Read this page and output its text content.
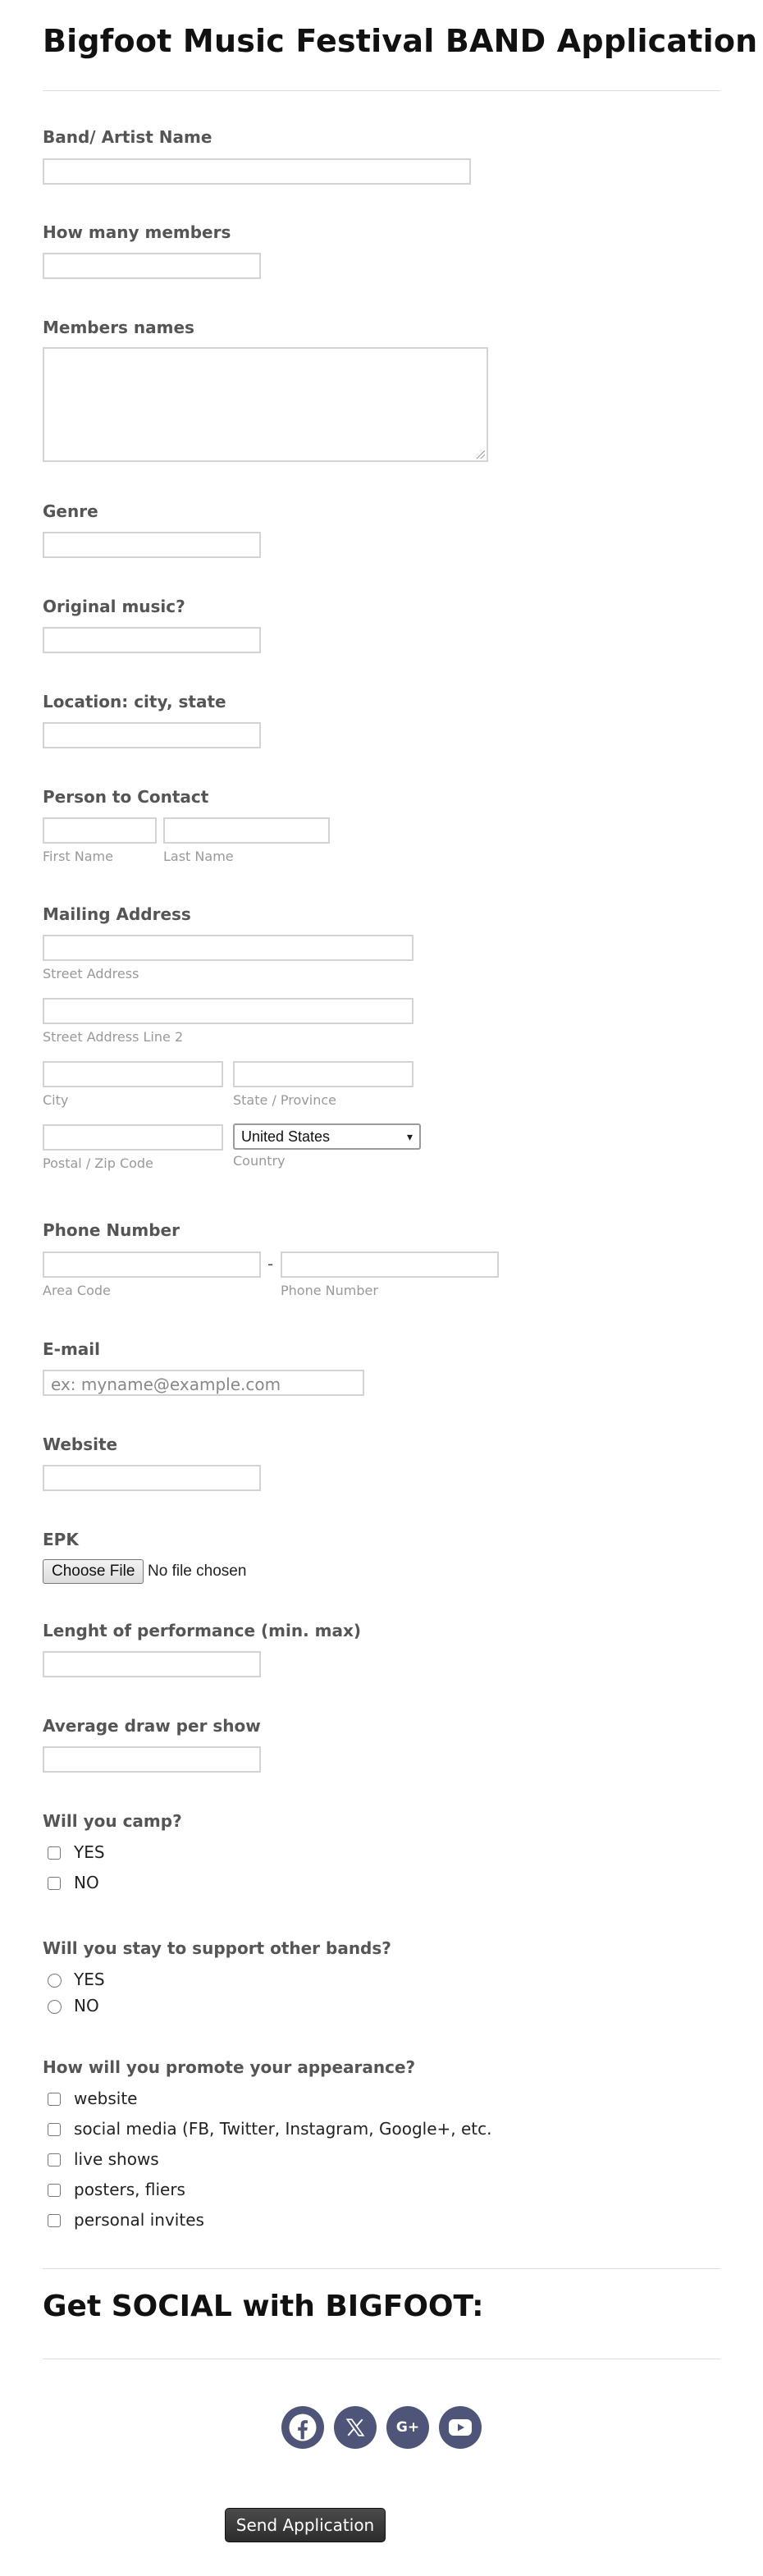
Bigfoot Music Festival BAND Application
Band/ Artist Name
How many members
Members names
Genre
Original music?
Location: city, state
Person to Contact
First Name	Last Name
Mailing Address
Street Address
Street Address Line 2
City	State / Province
United States	▾
Postal / Zip Code	Country
Phone Number
-
Area Code	Phone Number
E-mail
ex: myname@example.com
Website
EPK
Choose File No file chosen
Lenght of performance (min. max)
Average draw per show
Will you camp?
YES
NO
Will you stay to support other bands?
YES
NO
How will you promote your appearance?
website
social media (FB, Twitter, Instagram, Google+, etc.
live shows
posters, fliers
personal invites
Get SOCIAL with BIGFOOT:
G+
Send Application
